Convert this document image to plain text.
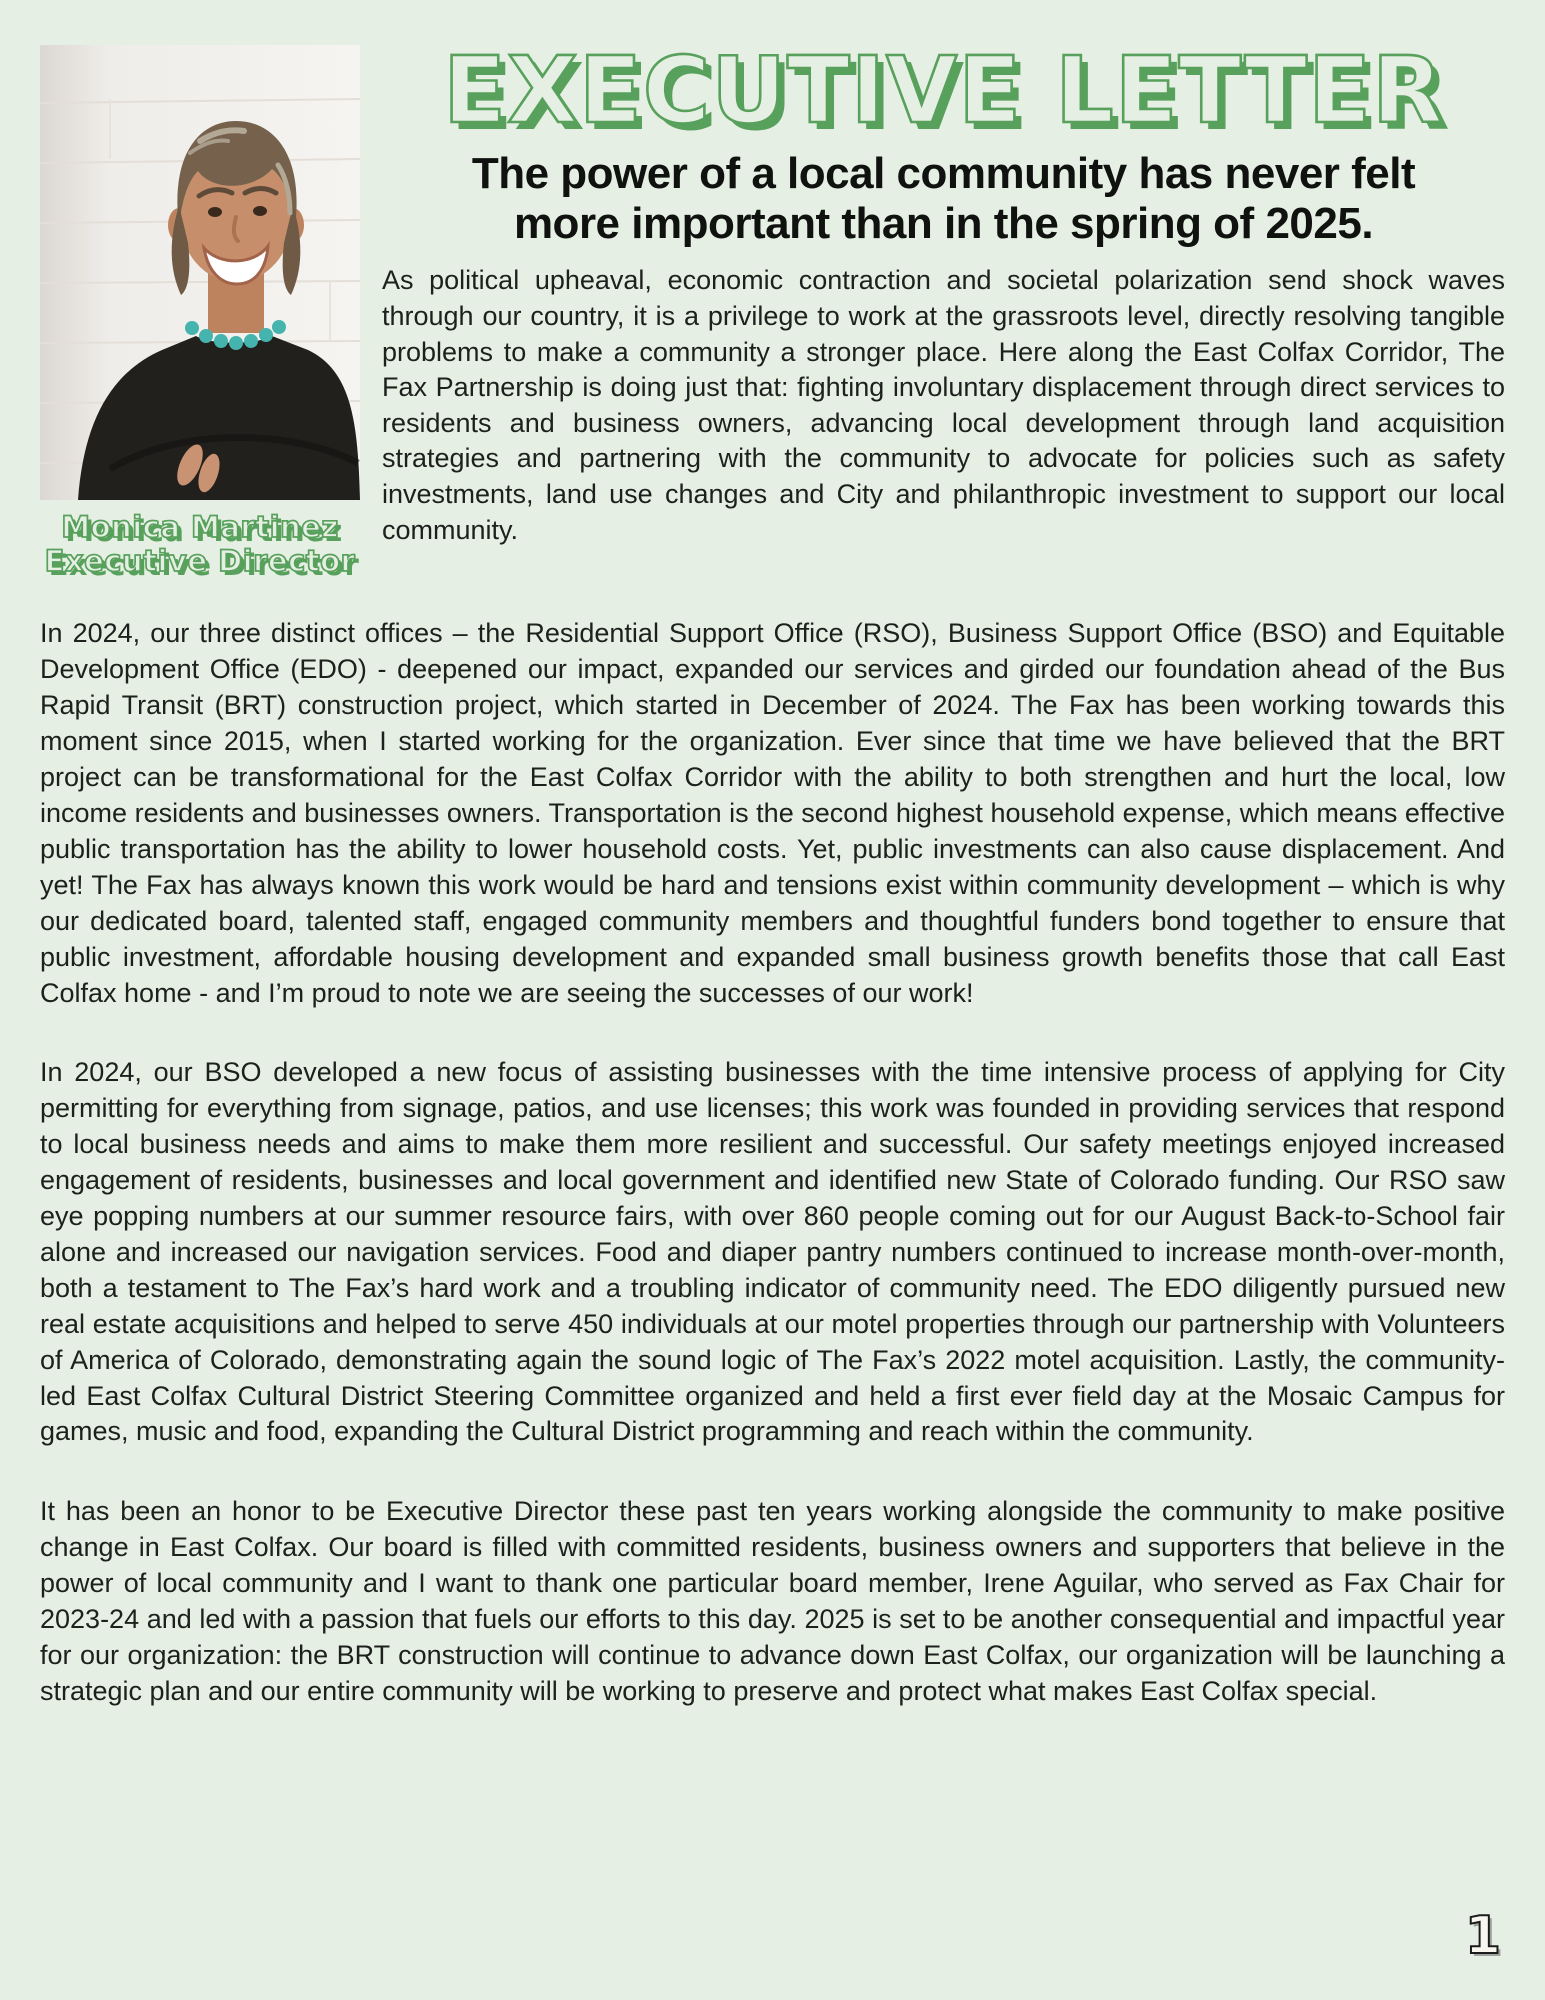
Monica Martinez
Executive Director
EXECUTIVE LETTER
The power of a local community has never felt
more important than in the spring of 2025.

As political upheaval, economic contraction and societal polarization send shock waves through our country, it is a privilege to work at the grassroots level, directly resolving tangible problems to make a community a stronger place. Here along the East Colfax Corridor, The Fax Partnership is doing just that: fighting involuntary displacement through direct services to residents and business owners, advancing local development through land acquisition strategies and partnering with the community to advocate for policies such as safety investments, land use changes and City and philanthropic investment to support our local community.

In 2024, our three distinct offices – the Residential Support Office (RSO), Business Support Office (BSO) and Equitable Development Office (EDO) - deepened our impact, expanded our services and girded our foundation ahead of the Bus Rapid Transit (BRT) construction project, which started in December of 2024. The Fax has been working towards this moment since 2015, when I started working for the organization. Ever since that time we have believed that the BRT project can be transformational for the East Colfax Corridor with the ability to both strengthen and hurt the local, low income residents and businesses owners. Transportation is the second highest household expense, which means effective public transportation has the ability to lower household costs. Yet, public investments can also cause displacement. And yet! The Fax has always known this work would be hard and tensions exist within community development – which is why our dedicated board, talented staff, engaged community members and thoughtful funders bond together to ensure that public investment, affordable housing development and expanded small business growth benefits those that call East Colfax home - and I’m proud to note we are seeing the successes of our work!

In 2024, our BSO developed a new focus of assisting businesses with the time intensive process of applying for City permitting for everything from signage, patios, and use licenses; this work was founded in providing services that respond to local business needs and aims to make them more resilient and successful. Our safety meetings enjoyed increased engagement of residents, businesses and local government and identified new State of Colorado funding. Our RSO saw eye popping numbers at our summer resource fairs, with over 860 people coming out for our August Back-to-School fair alone and increased our navigation services. Food and diaper pantry numbers continued to increase month-over-month, both a testament to The Fax’s hard work and a troubling indicator of community need. The EDO diligently pursued new real estate acquisitions and helped to serve 450 individuals at our motel properties through our partnership with Volunteers of America of Colorado, demonstrating again the sound logic of The Fax’s 2022 motel acquisition. Lastly, the community-led East Colfax Cultural District Steering Committee organized and held a first ever field day at the Mosaic Campus for games, music and food, expanding the Cultural District programming and reach within the community.

It has been an honor to be Executive Director these past ten years working alongside the community to make positive change in East Colfax. Our board is filled with committed residents, business owners and supporters that believe in the power of local community and I want to thank one particular board member, Irene Aguilar, who served as Fax Chair for 2023-24 and led with a passion that fuels our efforts to this day. 2025 is set to be another consequential and impactful year for our organization: the BRT construction will continue to advance down East Colfax, our organization will be launching a strategic plan and our entire community will be working to preserve and protect what makes East Colfax special.

1
